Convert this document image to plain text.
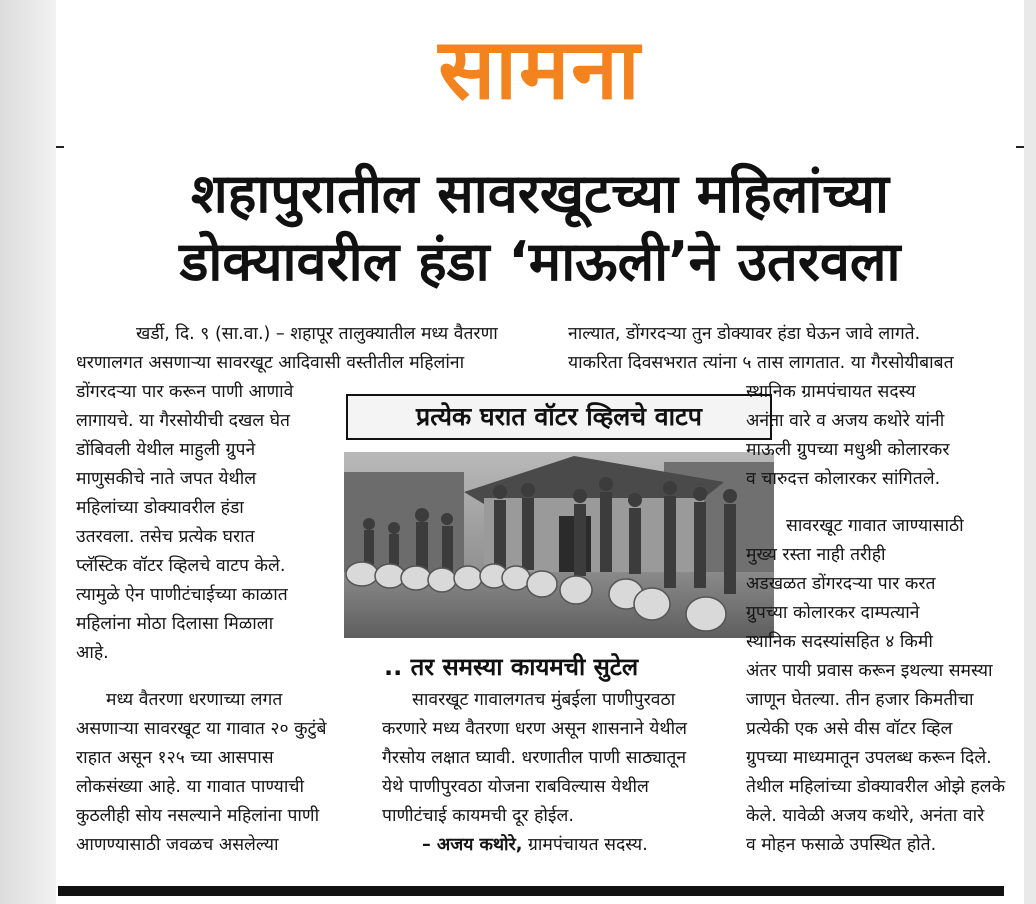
सामना
शहापुरातील सावरखूटच्या महिलांच्या
डोक्यावरील हंडा ‘माऊली’ने उतरवला

खर्डी, दि. ९ (सा.वा.) – शहापूर तालुक्यातील मध्य वैतरणा

धरणालगत असणाऱ्या सावरखूट आदिवासी वस्तीतील महिलांना

नाल्यात, डोंगरदऱ्या तुन डोक्यावर हंडा घेऊन जावे लागते.

याकरिता दिवसभरात त्यांना ५ तास लागतात. या गैरसोयीबाबत

डोंगरदऱ्या पार करून पाणी आणावे

लागायचे. या गैरसोयीची दखल घेत

डोंबिवली येथील माहुली ग्रुपने

माणुसकीचे नाते जपत येथील

महिलांच्या डोक्यावरील हंडा

उतरवला. तसेच प्रत्येक घरात

प्लॅस्टिक वॉटर व्हिलचे वाटप केले.

त्यामुळे ऐन पाणीटंचाईच्या काळात

महिलांना मोठा दिलासा मिळाला

आहे.

मध्य वैतरणा धरणाच्या लगत

असणाऱ्या सावरखूट या गावात २० कुटुंबे

राहात असून १२५ च्या आसपास

लोकसंख्या आहे. या गावात पाण्याची

कुठलीही सोय नसल्याने महिलांना पाणी

आणण्यासाठी जवळच असलेल्या

प्रत्येक घरात वॉटर व्हिलचे वाटप

स्थानिक ग्रामपंचायत सदस्य

अनंता वारे व अजय कथोरे यांनी

माऊली ग्रुपच्या मधुश्री कोलारकर

व चारुदत्त कोलारकर सांगितले.

सावरखूट गावात जाण्यासाठी

मुख्य रस्ता नाही तरीही

अडखळत डोंगरदऱ्या पार करत

ग्रुपच्या कोलारकर दाम्पत्याने

स्थानिक सदस्यांसहित ४ किमी

अंतर पायी प्रवास करून इथल्या समस्या

जाणून घेतल्या. तीन हजार किमतीचा

प्रत्येकी एक असे वीस वॉटर व्हिल

ग्रुपच्या माध्यमातून उपलब्ध करून दिले.

तेथील महिलांच्या डोक्यावरील ओझे हलके

केले. यावेळी अजय कथोरे, अनंता वारे

व मोहन फसाळे उपस्थित होते.

.. तर समस्या कायमची सुटेल

सावरखूट गावालगतच मुंबईला पाणीपुरवठा

करणारे मध्य वैतरणा धरण असून शासनाने येथील

गैरसोय लक्षात घ्यावी. धरणातील पाणी साठ्यातून

येथे पाणीपुरवठा योजना राबविल्यास येथील

पाणीटंचाई कायमची दूर होईल.

– अजय कथोरे, ग्रामपंचायत सदस्य.
